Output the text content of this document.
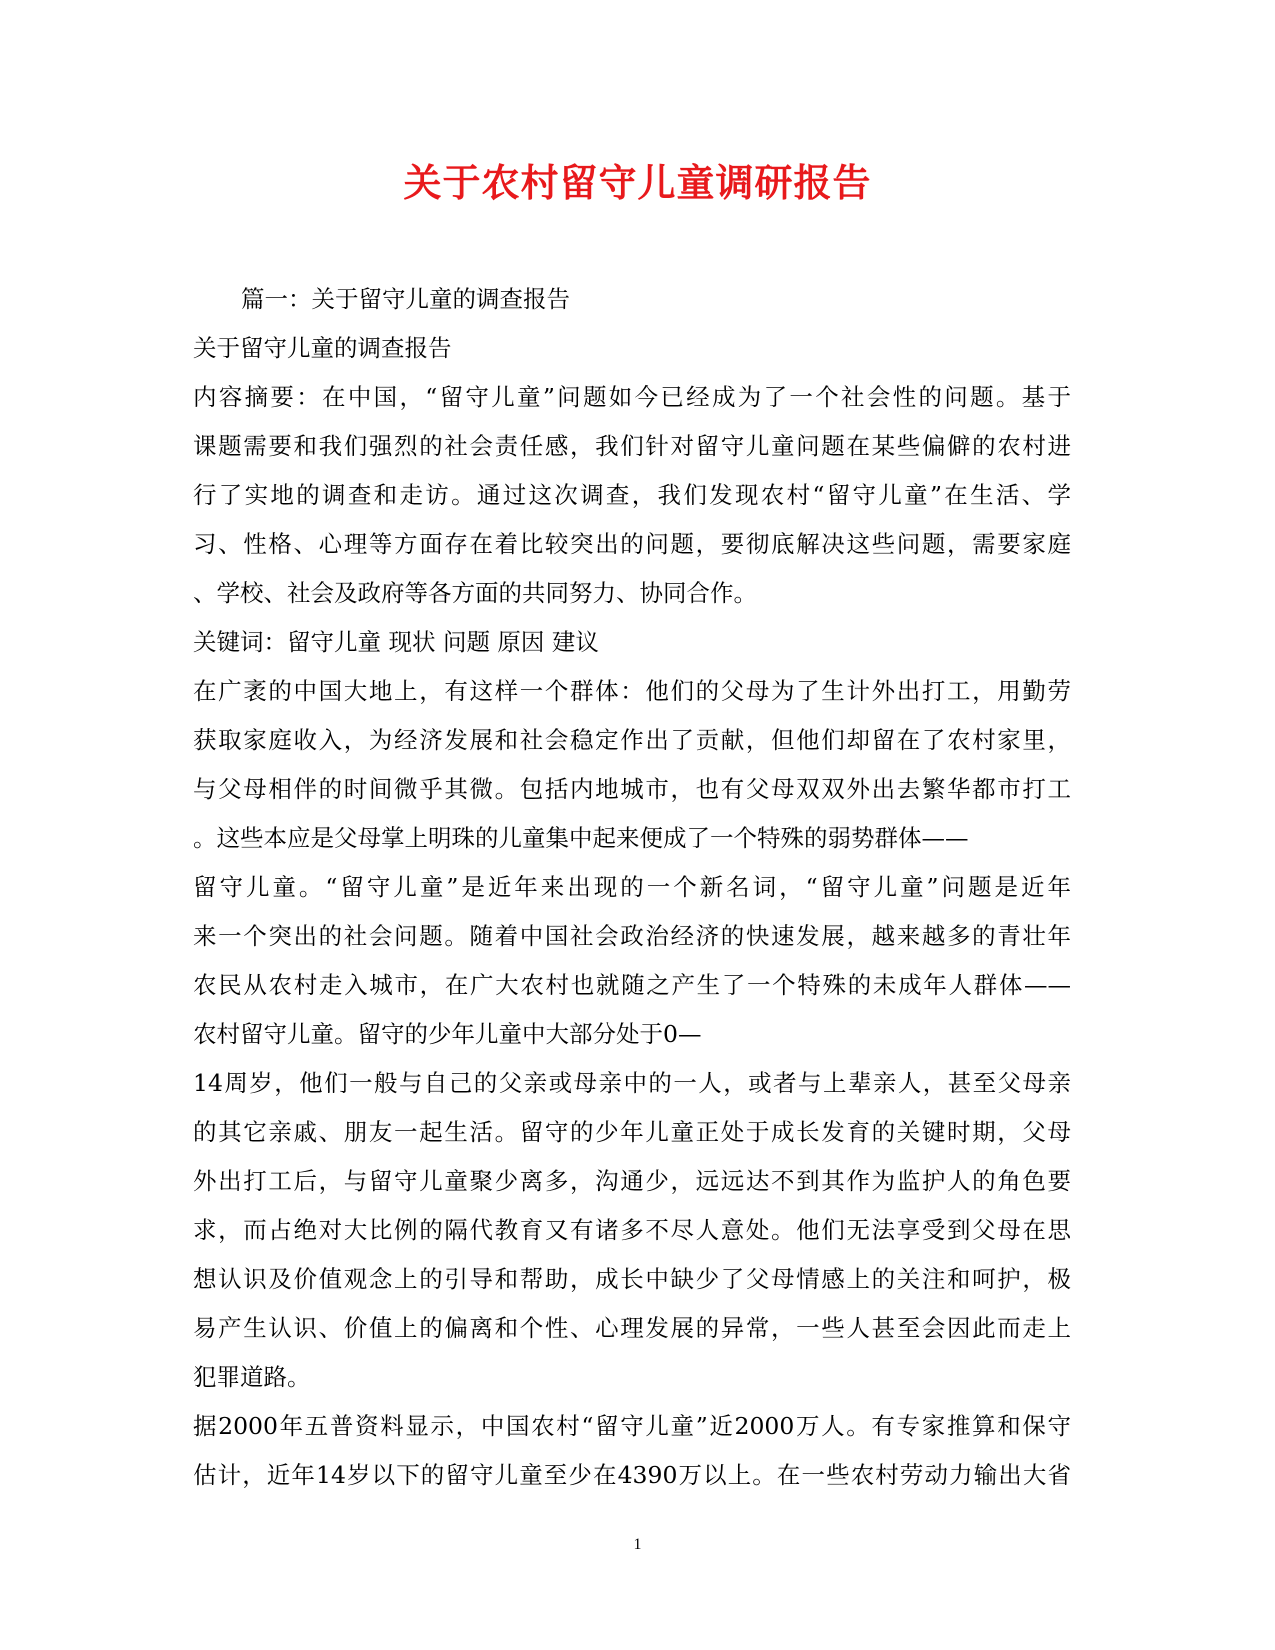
关于农村留守儿童调研报告
篇一：关于留守儿童的调查报告
关于留守儿童的调查报告
内容摘要：在中国，“留守儿童”问题如今已经成为了一个社会性的问题。基于
课题需要和我们强烈的社会责任感，我们针对留守儿童问题在某些偏僻的农村进
行了实地的调查和走访。通过这次调查，我们发现农村“留守儿童”在生活、学
习、性格、心理等方面存在着比较突出的问题，要彻底解决这些问题，需要家庭
、学校、社会及政府等各方面的共同努力、协同合作。
关键词：留守儿童 现状 问题 原因 建议
在广袤的中国大地上，有这样一个群体：他们的父母为了生计外出打工，用勤劳
获取家庭收入，为经济发展和社会稳定作出了贡献，但他们却留在了农村家里，
与父母相伴的时间微乎其微。包括内地城市，也有父母双双外出去繁华都市打工
。这些本应是父母掌上明珠的儿童集中起来便成了一个特殊的弱势群体——
留守儿童。“留守儿童”是近年来出现的一个新名词，“留守儿童”问题是近年
来一个突出的社会问题。随着中国社会政治经济的快速发展，越来越多的青壮年
农民从农村走入城市，在广大农村也就随之产生了一个特殊的未成年人群体——
农村留守儿童。留守的少年儿童中大部分处于0—
14周岁，他们一般与自己的父亲或母亲中的一人，或者与上辈亲人，甚至父母亲
的其它亲戚、朋友一起生活。留守的少年儿童正处于成长发育的关键时期，父母
外出打工后，与留守儿童聚少离多，沟通少，远远达不到其作为监护人的角色要
求，而占绝对大比例的隔代教育又有诸多不尽人意处。他们无法享受到父母在思
想认识及价值观念上的引导和帮助，成长中缺少了父母情感上的关注和呵护，极
易产生认识、价值上的偏离和个性、心理发展的异常，一些人甚至会因此而走上
犯罪道路。
据2000年五普资料显示，中国农村“留守儿童”近2000万人。有专家推算和保守
估计，近年14岁以下的留守儿童至少在4390万以上。在一些农村劳动力输出大省
1
